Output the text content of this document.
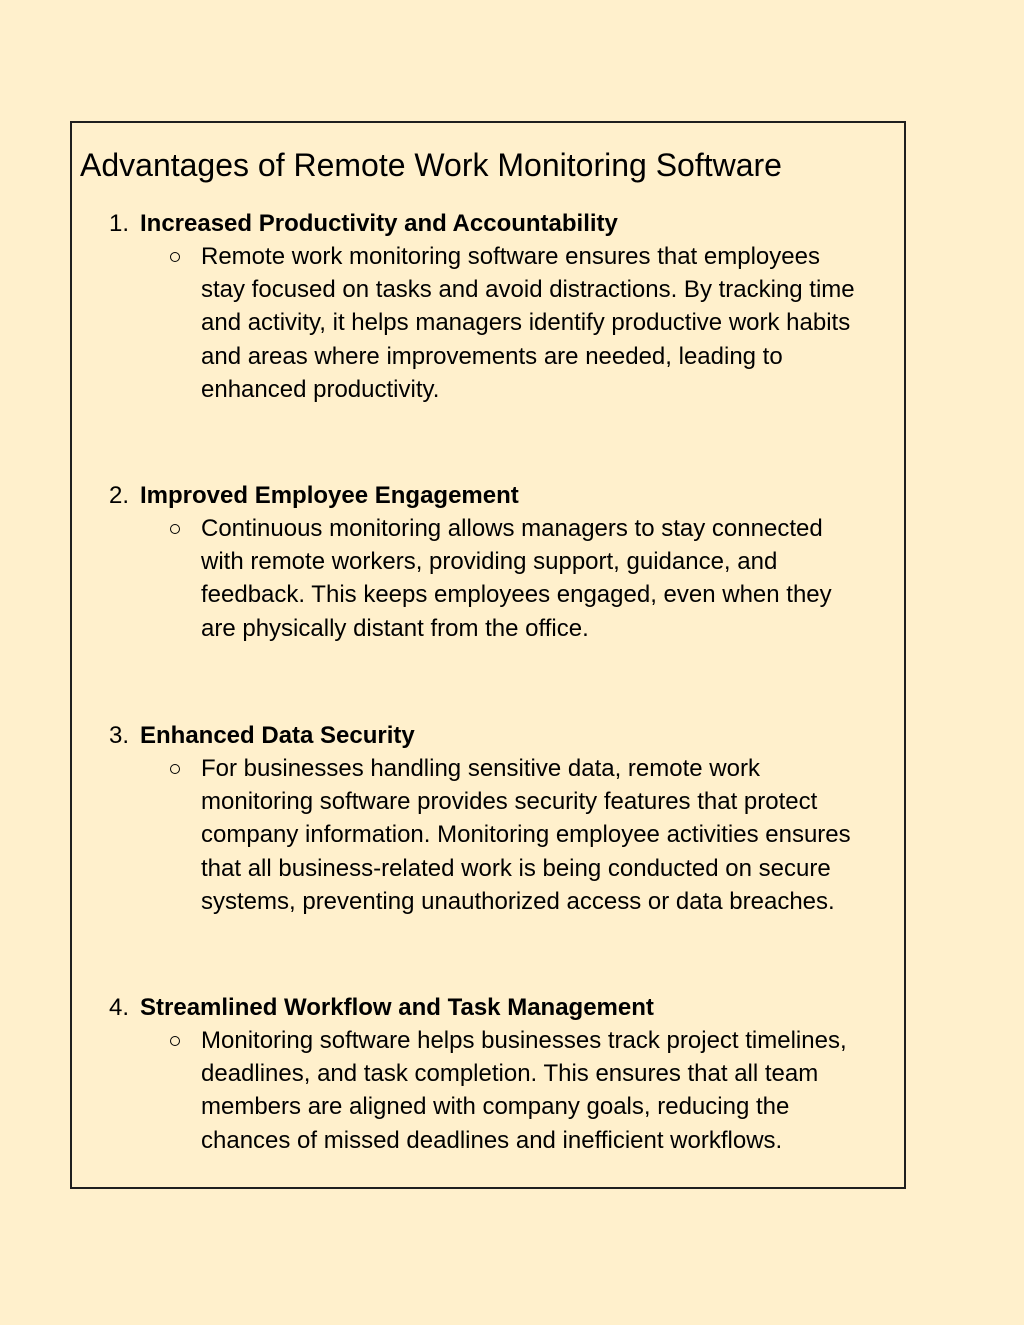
Advantages of Remote Work Monitoring Software
1. Increased Productivity and Accountability

Remote work monitoring software ensures that employees
stay focused on tasks and avoid distractions. By tracking time
and activity, it helps managers identify productive work habits
and areas where improvements are needed, leading to
enhanced productivity.

2. Improved Employee Engagement

Continuous monitoring allows managers to stay connected
with remote workers, providing support, guidance, and
feedback. This keeps employees engaged, even when they
are physically distant from the office.

3. Enhanced Data Security

For businesses handling sensitive data, remote work
monitoring software provides security features that protect
company information. Monitoring employee activities ensures
that all business-related work is being conducted on secure
systems, preventing unauthorized access or data breaches.

4. Streamlined Workflow and Task Management

Monitoring software helps businesses track project timelines,
deadlines, and task completion. This ensures that all team
members are aligned with company goals, reducing the
chances of missed deadlines and inefficient workflows.
